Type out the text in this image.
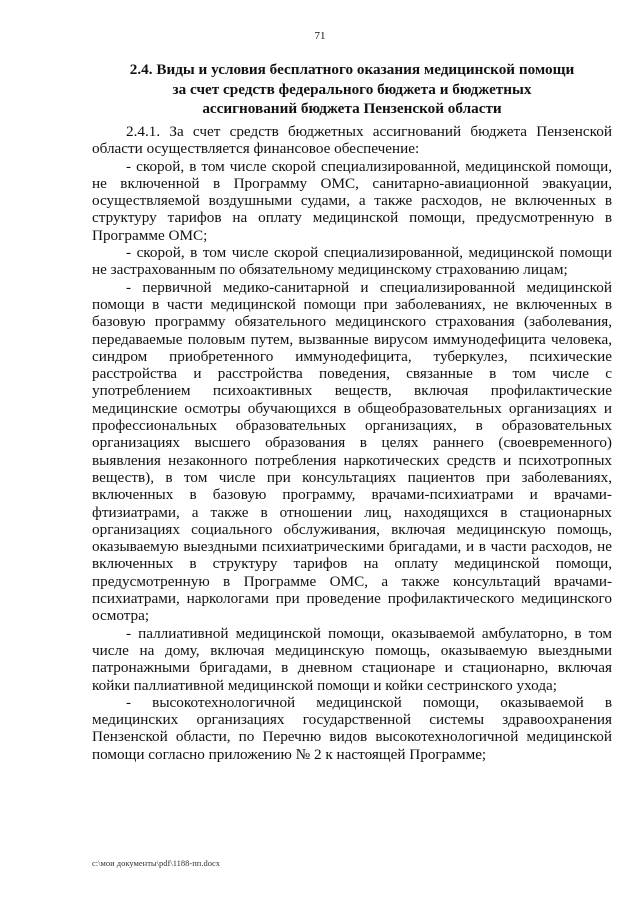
71
2.4. Виды и условия бесплатного оказания медицинской помощи
за счет средств федерального бюджета и бюджетных
ассигнований бюджета Пензенской области

2.4.1. За счет средств бюджетных ассигнований бюджета Пензенской области осуществляется финансовое обеспечение:

- скорой, в том числе скорой специализированной, медицинской помощи, не включенной в Программу ОМС, санитарно-авиационной эвакуации, осуществляемой воздушными судами, а также расходов, не включенных в структуру тарифов на оплату медицинской помощи, предусмотренную в Программе ОМС;

- скорой, в том числе скорой специализированной, медицинской помощи не застрахованным по обязательному медицинскому страхованию лицам;

- первичной медико-санитарной и специализированной медицинской помощи в части медицинской помощи при заболеваниях, не включенных в базовую программу обязательного медицинского страхования (заболевания, передаваемые половым путем, вызванные вирусом иммунодефицита человека, синдром приобретенного иммунодефицита, туберкулез, психические расстройства и расстройства поведения, связанные в том числе с употреблением психоактивных веществ, включая профилактические медицинские осмотры обучающихся в общеобразовательных организациях и профессиональных образовательных организациях, в образовательных организациях высшего образования в целях раннего (своевременного) выявления незаконного потребления наркотических средств и психотропных веществ), в том числе при консультациях пациентов при заболеваниях, включенных в базовую программу, врачами-психиатрами и врачами-фтизиатрами, а также в отношении лиц, находящихся в стационарных организациях социального обслуживания, включая медицинскую помощь, оказываемую выездными психиатрическими бригадами, и в части расходов, не включенных в структуру тарифов на оплату медицинской помощи, предусмотренную в Программе ОМС, а также консультаций врачами-психиатрами, наркологами при проведение профилактического медицинского осмотра;

- паллиативной медицинской помощи, оказываемой амбулаторно, в том числе на дому, включая медицинскую помощь, оказываемую выездными патронажными бригадами, в дневном стационаре и стационарно, включая койки паллиативной медицинской помощи и койки сестринского ухода;

- высокотехнологичной медицинской помощи, оказываемой в медицинских организациях государственной системы здравоохранения Пензенской области, по Перечню видов высокотехнологичной медицинской помощи согласно приложению № 2 к настоящей Программе;

c:\мои документы\pdf\1188-пп.docx
